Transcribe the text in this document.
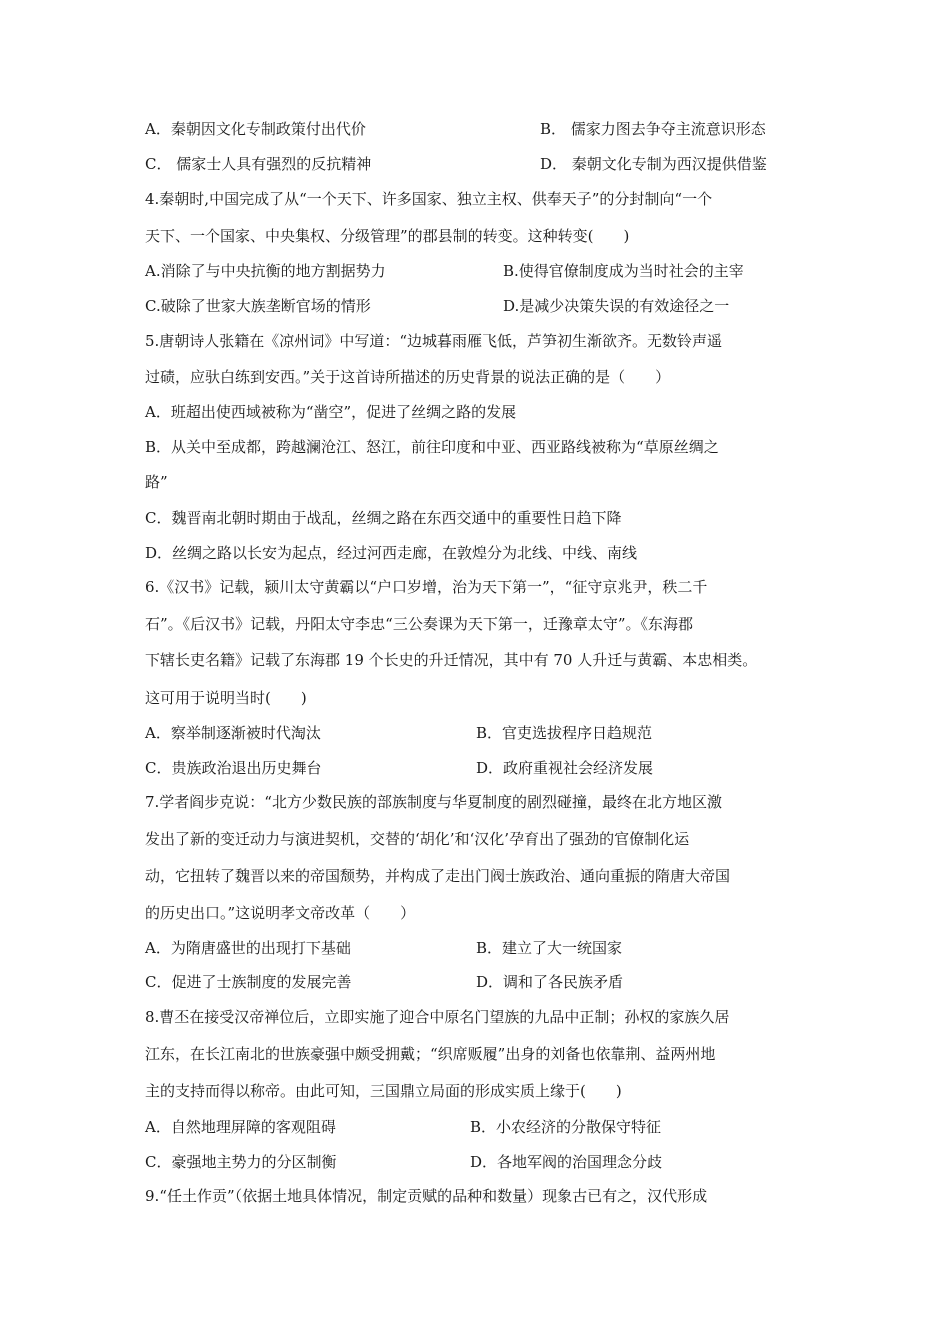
A．秦朝因文化专制政策付出代价	B． 儒家力图去争夺主流意识形态
C． 儒家士人具有强烈的反抗精神	D． 秦朝文化专制为西汉提供借鉴
4.秦朝时,中国完成了从“一个天下、许多国家、独立主权、供奉天子”的分封制向“一个
天下、一个国家、中央集权、分级管理”的郡县制的转变。这种转变(　　)
A.消除了与中央抗衡的地方割据势力	B.使得官僚制度成为当时社会的主宰
C.破除了世家大族垄断官场的情形	D.是减少决策失误的有效途径之一
5.唐朝诗人张籍在《凉州词》中写道：“边城暮雨雁飞低，芦笋初生渐欲齐。无数铃声遥
过碛，应驮白练到安西。”关于这首诗所描述的历史背景的说法正确的是（　　）
A．班超出使西域被称为“凿空”，促进了丝绸之路的发展
B．从关中至成都，跨越澜沧江、怒江，前往印度和中亚、西亚路线被称为“草原丝绸之
路”
C．魏晋南北朝时期由于战乱，丝绸之路在东西交通中的重要性日趋下降
D．丝绸之路以长安为起点，经过河西走廊，在敦煌分为北线、中线、南线
6.《汉书》记载，颍川太守黄霸以“户口岁增，治为天下第一”，“征守京兆尹，秩二千
石”。《后汉书》记载，丹阳太守李忠“三公奏课为天下第一，迁豫章太守”。《东海郡
下辖长吏名籍》记载了东海郡 19 个长史的升迁情况，其中有 70 人升迁与黄霸、本忠相类。
这可用于说明当时(　　)
A．察举制逐渐被时代淘汰	B．官吏选拔程序日趋规范
C．贵族政治退出历史舞台	D．政府重视社会经济发展
7.学者阎步克说：“北方少数民族的部族制度与华夏制度的剧烈碰撞，最终在北方地区激
发出了新的变迁动力与演进契机，交替的‘胡化’和‘汉化’孕育出了强劲的官僚制化运
动，它扭转了魏晋以来的帝国颓势，并构成了走出门阀士族政治、通向重振的隋唐大帝国
的历史出口。”这说明孝文帝改革（　　）
A．为隋唐盛世的出现打下基础	B．建立了大一统国家
C．促进了士族制度的发展完善	D．调和了各民族矛盾
8.曹丕在接受汉帝禅位后，立即实施了迎合中原名门望族的九品中正制；孙权的家族久居
江东，在长江南北的世族豪强中颇受拥戴；“织席贩履”出身的刘备也依靠荆、益两州地
主的支持而得以称帝。由此可知，三国鼎立局面的形成实质上缘于(　　)
A．自然地理屏障的客观阻碍	B．小农经济的分散保守特征
C．豪强地主势力的分区制衡	D．各地军阀的治国理念分歧
9.“任土作贡”（依据土地具体情况，制定贡赋的品种和数量）现象古已有之，汉代形成
